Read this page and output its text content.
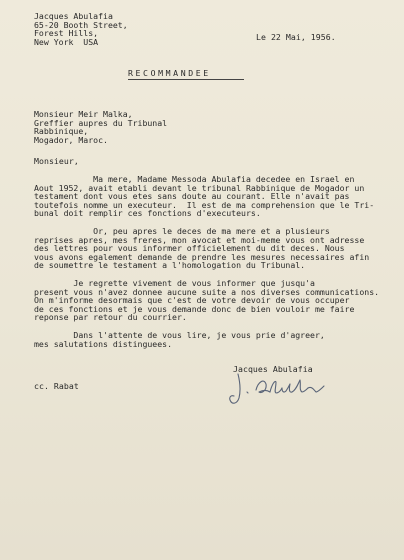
Jacques Abulafia
65-20 Booth Street,
Forest Hills,
New York  USA	Le 22 Mai, 1956.
RECOMMANDEE
Monsieur Meir Malka,
Greffier aupres du Tribunal
Rabbinique,
Mogador, Maroc.
Monsieur,
Ma mere, Madame Messoda Abulafia decedee en Israel en
Aout 1952, avait etabli devant le tribunal Rabbinique de Mogador un
testament dont vous etes sans doute au courant. Elle n'avait pas
toutefois nomme un executeur.  Il est de ma comprehension que le Tri-
bunal doit remplir ces fonctions d'executeurs.
Or, peu apres le deces de ma mere et a plusieurs
reprises apres, mes freres, mon avocat et moi-meme vous ont adresse
des lettres pour vous informer officielement du dit deces. Nous
vous avons egalement demande de prendre les mesures necessaires afin
de soumettre le testament a l'homologation du Tribunal.
Je regrette vivement de vous informer que jusqu'a
present vous n'avez donnee aucune suite a nos diverses communications.
On m'informe desormais que c'est de votre devoir de vous occuper
de ces fonctions et je vous demande donc de bien vouloir me faire
reponse par retour du courrier.
Dans l'attente de vous lire, je vous prie d'agreer,
mes salutations distinguees.
Jacques Abulafia
cc. Rabat
